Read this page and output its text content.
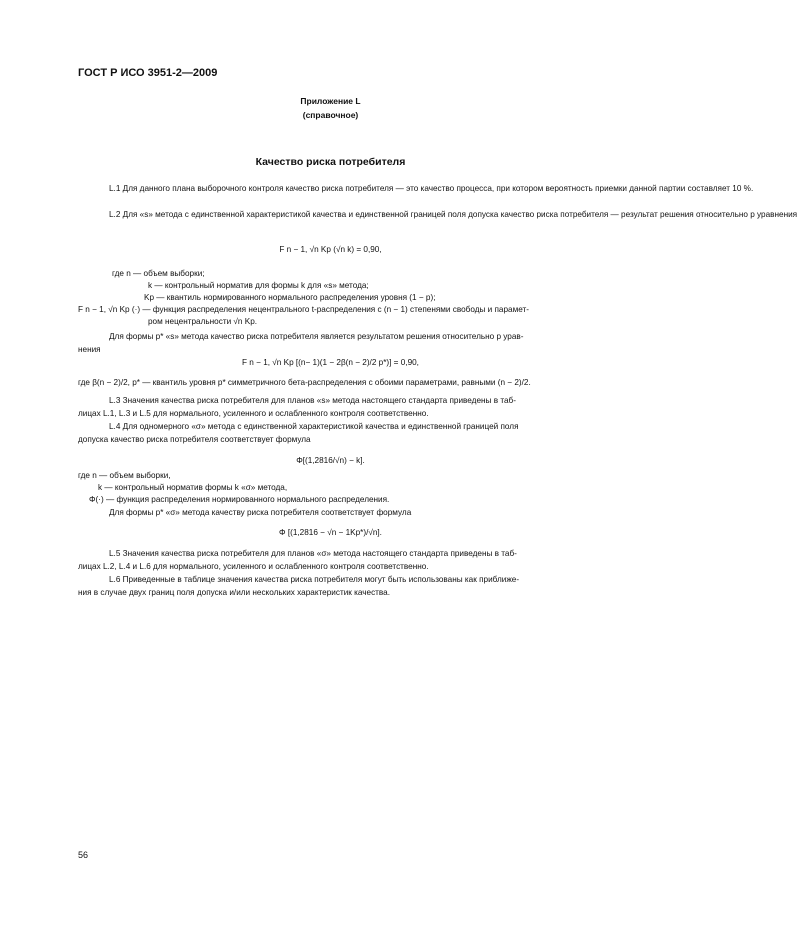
ГОСТ Р ИСО 3951-2—2009
Приложение L
(справочное)
Качество риска потребителя

L.1 Для данного плана выборочного контроля качество риска потребителя — это качество процесса, при котором вероятность приемки данной партии составляет 10 %.

L.2 Для «s» метода с единственной характеристикой качества и единственной границей поля допуска качество риска потребителя — результат решения относительно p уравнения

F n − 1, √n Kp (√n k) = 0,90,
где n — объем выборки;
k — контрольный норматив для формы k для «s» метода;
Kp — квантиль нормированного нормального распределения уровня (1 − p);
F n − 1, √n Kp (·) — функция распределения нецентрального t-распределения с (n − 1) степенями свободы и парамет-
ром нецентральности √n Kp.
Для формы p* «s» метода качество риска потребителя является результатом решения относительно p урав-
нения
F n − 1, √n Kp [(n− 1)(1 − 2β(n − 2)/2 p*)] = 0,90,
где β(n − 2)/2, p* — квантиль уровня p* симметричного бета-распределения с обоими параметрами, равными (n − 2)/2.
L.3 Значения качества риска потребителя для планов «s» метода настоящего стандарта приведены в таб-
лицах L.1, L.3 и L.5 для нормального, усиленного и ослабленного контроля соответственно.
L.4 Для одномерного «σ» метода с единственной характеристикой качества и единственной границей поля
допуска качество риска потребителя соответствует формула
Φ[(1,2816/√n) − k].
где n — объем выборки,
k — контрольный норматив формы k «σ» метода,
Φ(·) — функция распределения нормированного нормального распределения.
Для формы p* «σ» метода качеству риска потребителя соответствует формула
Φ [(1,2816 − √n − 1Kp*)/√n].
L.5 Значения качества риска потребителя для планов «σ» метода настоящего стандарта приведены в таб-
лицах L.2, L.4 и L.6 для нормального, усиленного и ослабленного контроля соответственно.
L.6 Приведенные в таблице значения качества риска потребителя могут быть использованы как приближе-
ния в случае двух границ поля допуска и/или нескольких характеристик качества.
56
